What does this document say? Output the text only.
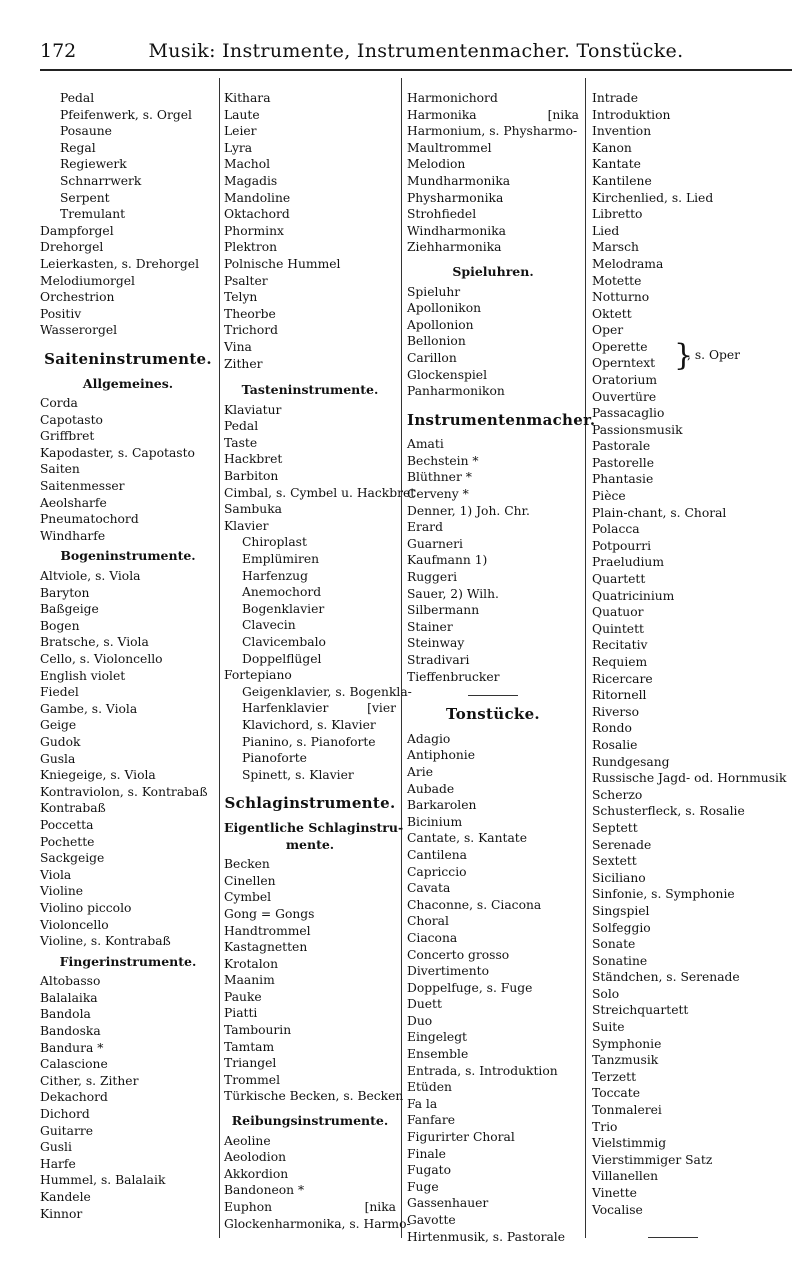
172	Musik: Instrumente, Instrumentenmacher. Tonstücke.
Pedal
Pfeifenwerk, s. Orgel
Posaune
Regal
Regiewerk
Schnarrwerk
Serpent
Tremulant
Dampforgel
Drehorgel
Leierkasten, s. Drehorgel
Melodiumorgel
Orchestrion
Positiv
Wasserorgel
Saiteninstrumente.
Allgemeines.
Corda
Capotasto
Griffbret
Kapodaster, s. Capotasto
Saiten
Saitenmesser
Aeolsharfe
Pneumatochord
Windharfe
Bogeninstrumente.
Altviole, s. Viola
Baryton
Baßgeige
Bogen
Bratsche, s. Viola
Cello, s. Violoncello
English violet
Fiedel
Gambe, s. Viola
Geige
Gudok
Gusla
Kniegeige, s. Viola
Kontraviolon, s. Kontrabaß
Kontrabaß
Poccetta
Pochette
Sackgeige
Viola
Violine
Violino piccolo
Violoncello
Violine, s. Kontrabaß
Fingerinstrumente.
Altobasso
Balalaika
Bandola
Bandoska
Bandura *
Calascione
Cither, s. Zither
Dekachord
Dichord
Guitarre
Gusli
Harfe
Hummel, s. Balalaik
Kandele
Kinnor
Kithara
Laute
Leier
Lyra
Machol
Magadis
Mandoline
Oktachord
Phorminx
Plektron
Polnische Hummel
Psalter
Telyn
Theorbe
Trichord
Vina
Zither
Tasteninstrumente.
Klaviatur
Pedal
Taste
Hackbret
Barbiton
Cimbal, s. Cymbel u. Hackbret
Sambuka
Klavier
Chiroplast
Emplümiren
Harfenzug
Anemochord
Bogenklavier
Clavecin
Clavicembalo
Doppelflügel
Fortepiano
Geigenklavier, s. Bogenkla-
Harfenklavier
Klavichord, s. Klavier
Pianino, s. Pianoforte
Pianoforte
Spinett, s. Klavier
[vier
Schlaginstrumente.
Eigentliche Schlaginstru-
mente.
Becken
Cinellen
Cymbel
Gong = Gongs
Handtrommel
Kastagnetten
Krotalon
Maanim
Pauke
Piatti
Tambourin
Tamtam
Triangel
Trommel
Türkische Becken, s. Becken
Reibungsinstrumente.
Aeoline
Aeolodion
Akkordion
Bandoneon *
Euphon
Glockenharmonika, s. Harmo-
[nika
Harmonichord
Harmonika
Harmonium, s. Physharmo-
Maultrommel
Melodion
Mundharmonika
Physharmonika
Strohfiedel
Windharmonika
Ziehharmonika
[nika
Spieluhren.
Spieluhr
Apollonikon
Apollonion
Bellonion
Carillon
Glockenspiel
Panharmonikon
Instrumentenmacher.
Amati
Bechstein *
Blüthner *
Cerveny *
Denner, 1) Joh. Chr.
Erard
Guarneri
Kaufmann 1)
Ruggeri
Sauer, 2) Wilh.
Silbermann
Stainer
Steinway
Stradivari
Tieffenbrucker
Tonstücke.
Adagio
Antiphonie
Arie
Aubade
Barkarolen
Bicinium
Cantate, s. Kantate
Cantilena
Capriccio
Cavata
Chaconne, s. Ciacona
Choral
Ciacona
Concerto grosso
Divertimento
Doppelfuge, s. Fuge
Duett
Duo
Eingelegt
Ensemble
Entrada, s. Introduktion
Etüden
Fa la
Fanfare
Figurirter Choral
Finale
Fugato
Fuge
Gassenhauer
Gavotte
Hirtenmusik, s. Pastorale
Intrade
Introduktion
Invention
Kanon
Kantate
Kantilene
Kirchenlied, s. Lied
Libretto
Lied
Marsch
Melodrama
Motette
Notturno
Oktett
Oper
Operette
Operntext }
, s. Oper
Oratorium
Ouvertüre
Passacaglio
Passionsmusik
Pastorale
Pastorelle
Phantasie
Pièce
Plain-chant, s. Choral
Polacca
Potpourri
Praeludium
Quartett
Quatricinium
Quatuor
Quintett
Recitativ
Requiem
Ricercare
Ritornell
Riverso
Rondo
Rosalie
Rundgesang
Russische Jagd- od. Hornmusik
Scherzo
Schusterfleck, s. Rosalie
Septett
Serenade
Sextett
Siciliano
Sinfonie, s. Symphonie
Singspiel
Solfeggio
Sonate
Sonatine
Ständchen, s. Serenade
Solo
Streichquartett
Suite
Symphonie
Tanzmusik
Terzett
Toccate
Tonmalerei
Trio
Vielstimmig
Vierstimmiger Satz
Villanellen
Vinette
Vocalise
